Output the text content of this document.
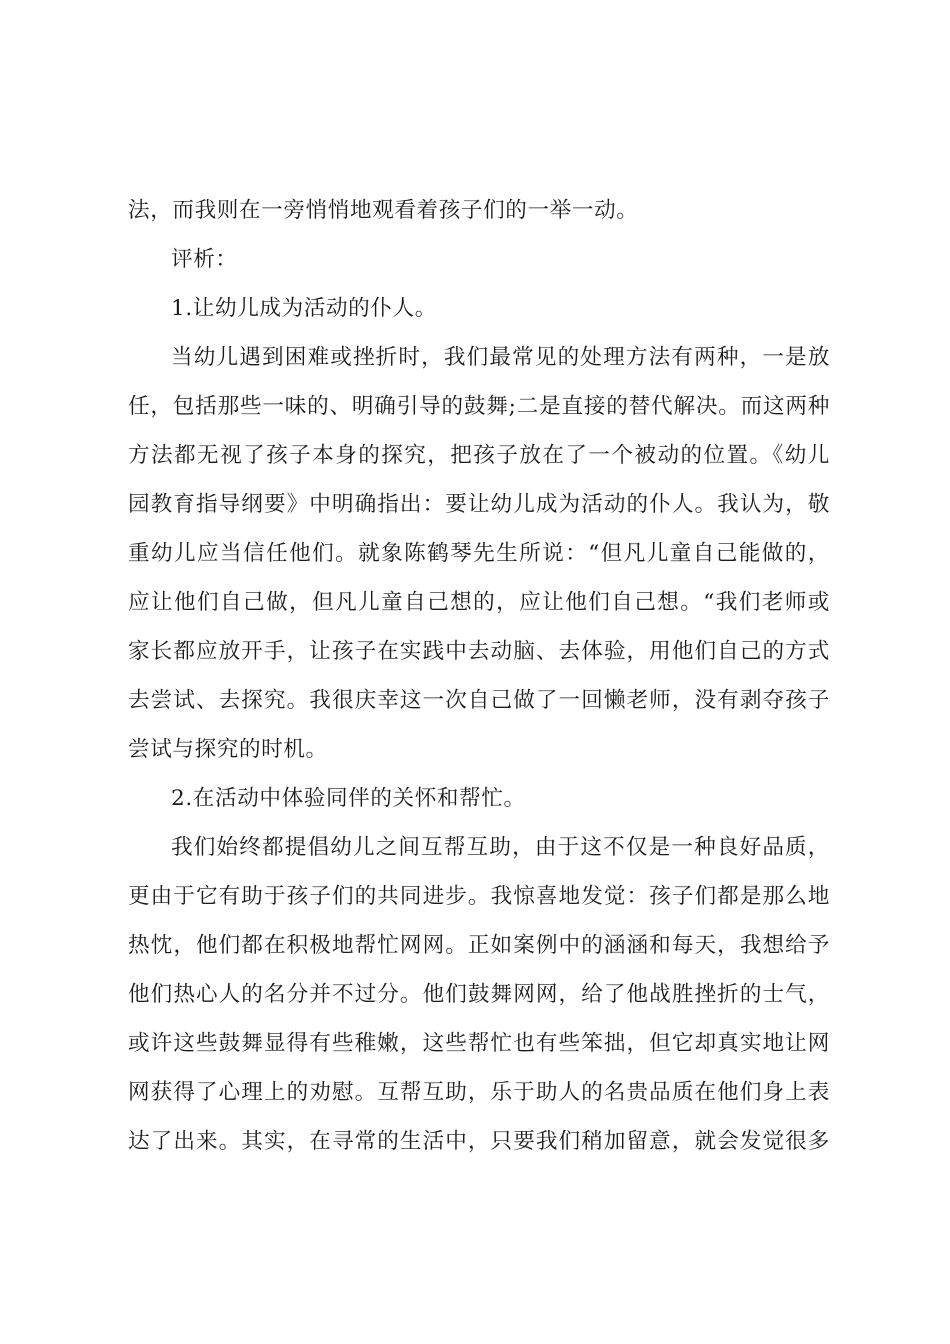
法，而我则在一旁悄悄地观看着孩子们的一举一动。
评析：
1.让幼儿成为活动的仆人。
当幼儿遇到困难或挫折时，我们最常见的处理方法有两种，一是放
任，包括那些一味的、明确引导的鼓舞;二是直接的替代解决。而这两种
方法都无视了孩子本身的探究，把孩子放在了一个被动的位置。《幼儿
园教育指导纲要》中明确指出：要让幼儿成为活动的仆人。我认为，敬
重幼儿应当信任他们。就象陈鹤琴先生所说：“但凡儿童自己能做的，
应让他们自己做，但凡儿童自己想的，应让他们自己想。“我们老师或
家长都应放开手，让孩子在实践中去动脑、去体验，用他们自己的方式
去尝试、去探究。我很庆幸这一次自己做了一回懒老师，没有剥夺孩子
尝试与探究的时机。
2.在活动中体验同伴的关怀和帮忙。
我们始终都提倡幼儿之间互帮互助，由于这不仅是一种良好品质，
更由于它有助于孩子们的共同进步。我惊喜地发觉：孩子们都是那么地
热忱，他们都在积极地帮忙网网。正如案例中的涵涵和每天，我想给予
他们热心人的名分并不过分。他们鼓舞网网，给了他战胜挫折的士气，
或许这些鼓舞显得有些稚嫩，这些帮忙也有些笨拙，但它却真实地让网
网获得了心理上的劝慰。互帮互助，乐于助人的名贵品质在他们身上表
达了出来。其实，在寻常的生活中，只要我们稍加留意，就会发觉很多
